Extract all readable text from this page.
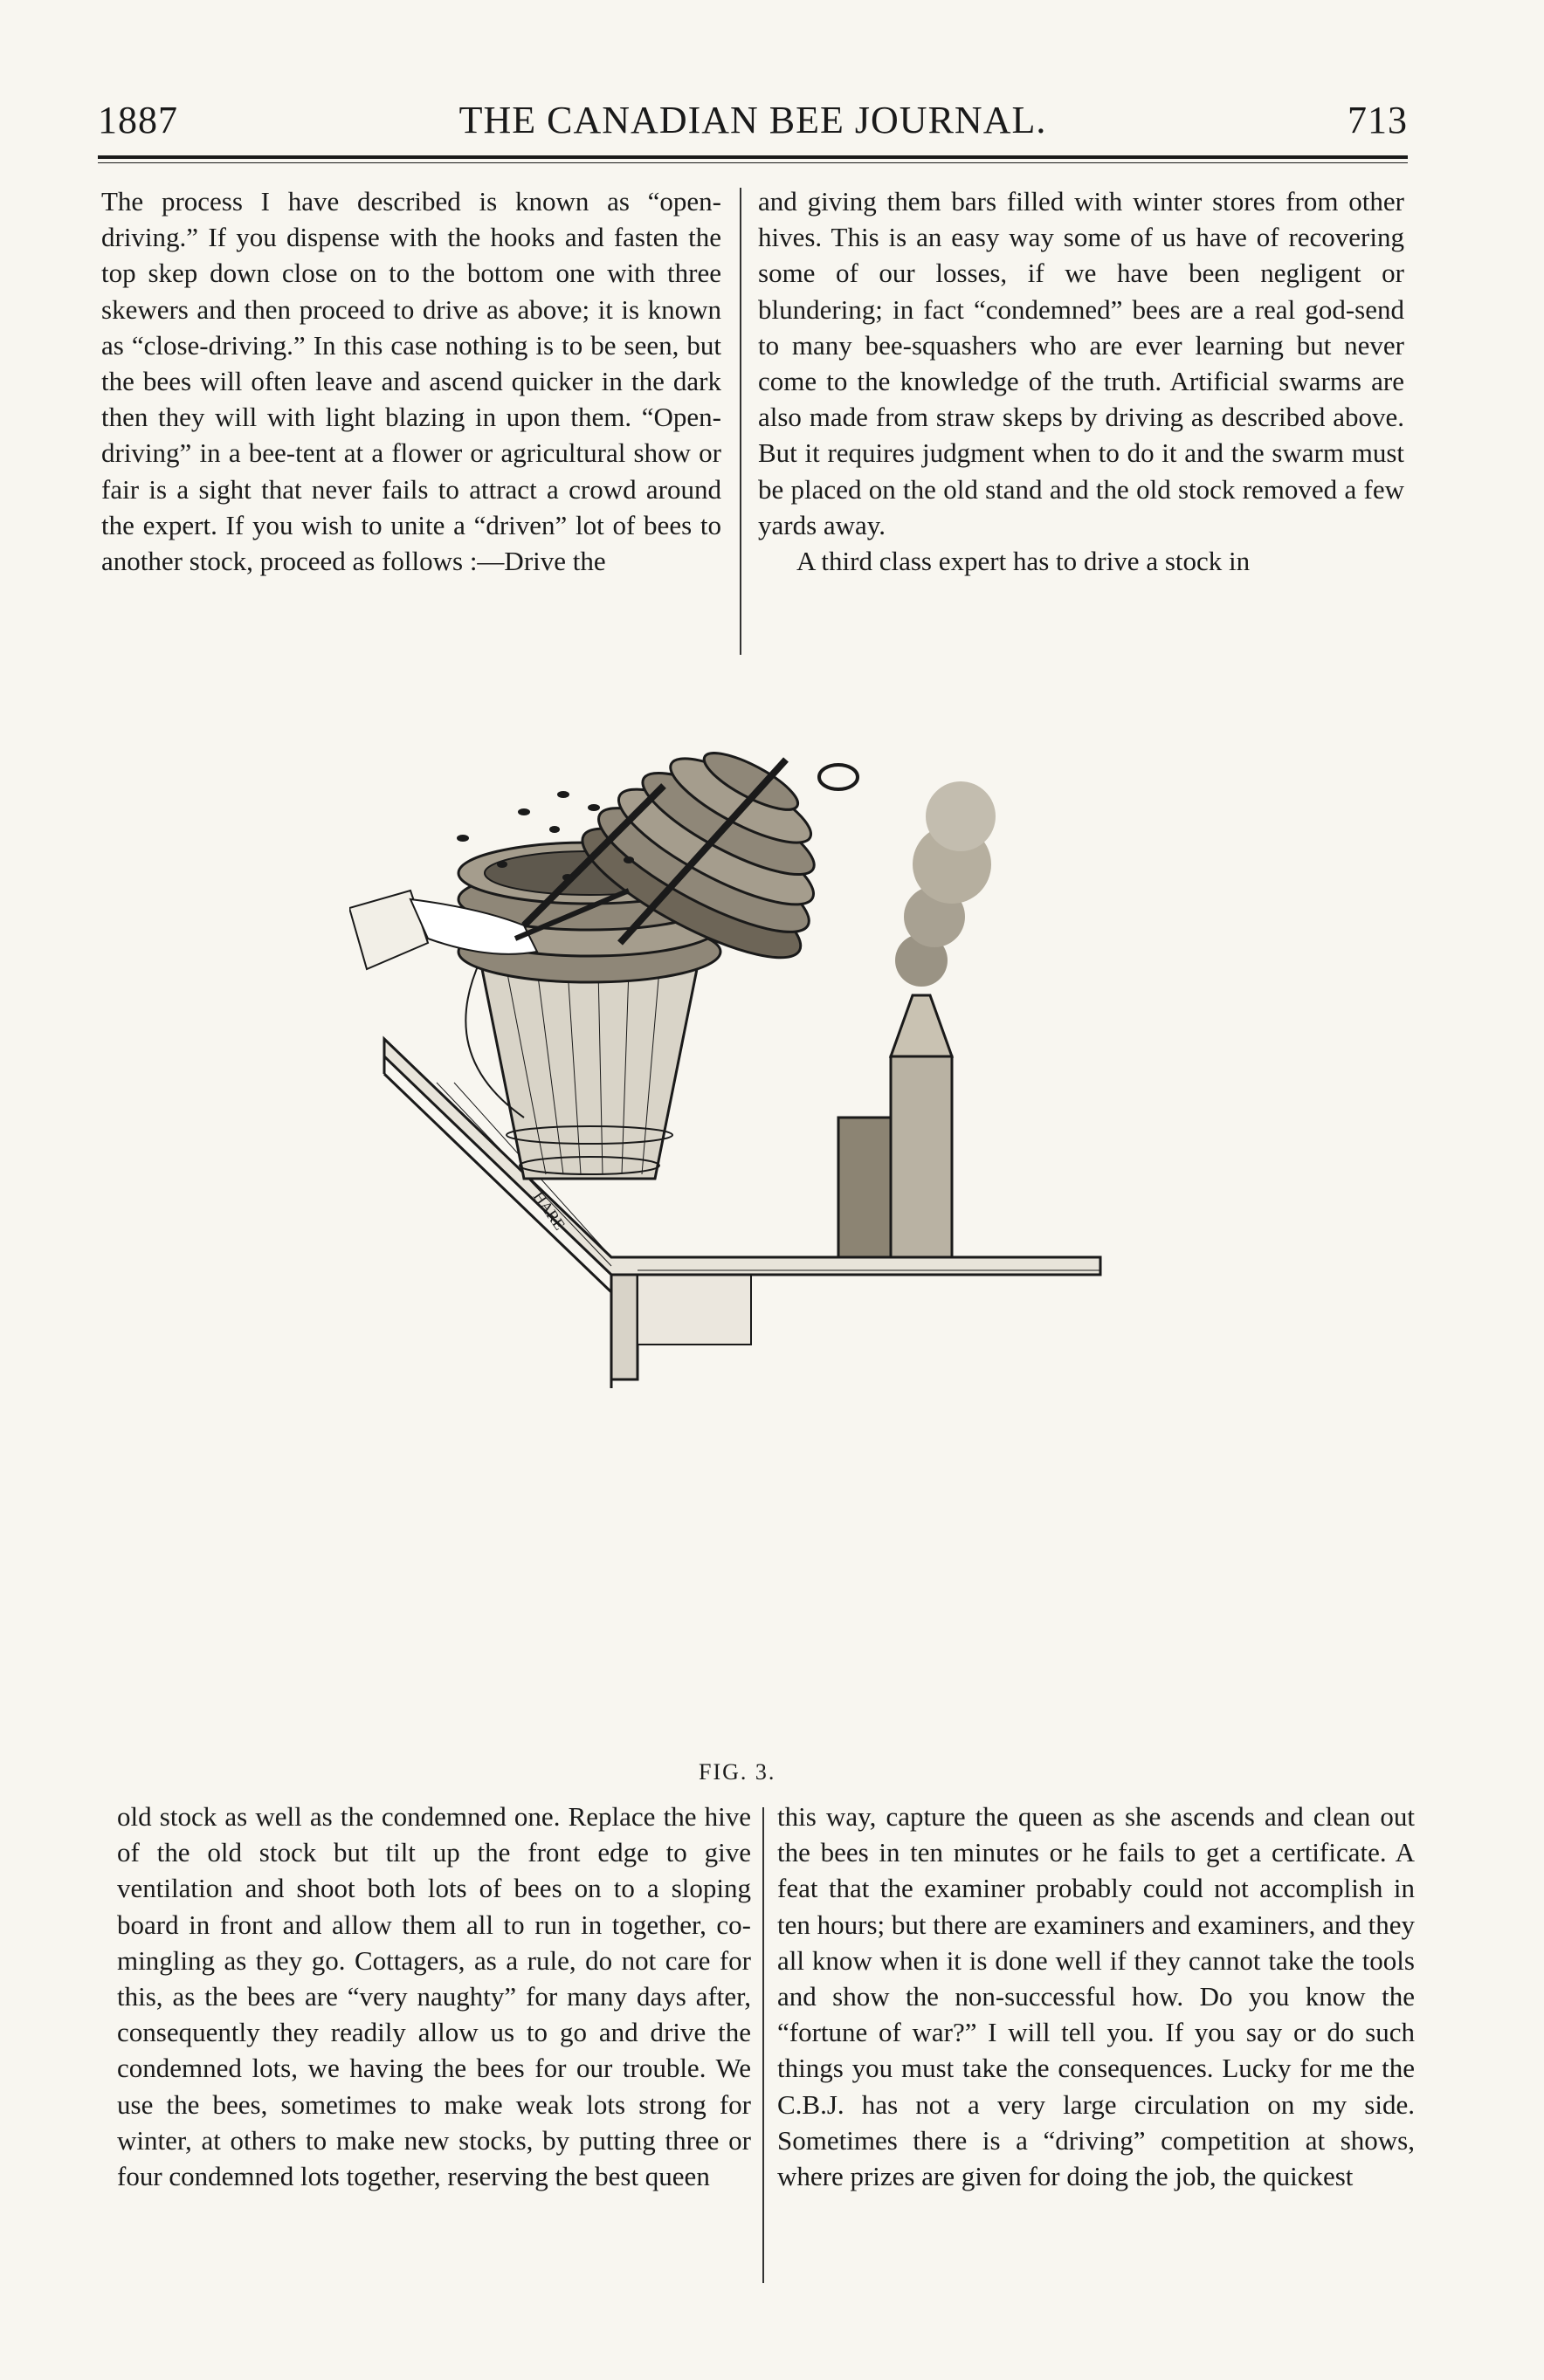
1887	THE CANADIAN BEE JOURNAL.	713

The process I have described is known as “open-driving.” If you dispense with the hooks and fasten the top skep down close on to the bottom one with three skewers and then proceed to drive as above; it is known as “close-driving.” In this case nothing is to be seen, but the bees will often leave and ascend quicker in the dark then they will with light blazing in upon them. “Open-driving” in a bee-tent at a flower or agricultural show or fair is a sight that never fails to attract a crowd around the expert. If you wish to unite a “driven” lot of bees to another stock, proceed as follows :—Drive the

and giving them bars filled with winter stores from other hives. This is an easy way some of us have of recovering some of our losses, if we have been negligent or blundering; in fact “condemned” bees are a real god-send to many bee-squashers who are ever learning but never come to the knowledge of the truth. Artificial swarms are also made from straw skeps by driving as described above. But it requires judgment when to do it and the swarm must be placed on the old stand and the old stock removed a few yards away.

A third class expert has to drive a stock in

HARE
FIG. 3.

old stock as well as the condemned one. Replace the hive of the old stock but tilt up the front edge to give ventilation and shoot both lots of bees on to a sloping board in front and allow them all to run in together, co-mingling as they go. Cottagers, as a rule, do not care for this, as the bees are “very naughty” for many days after, consequently they readily allow us to go and drive the condemned lots, we having the bees for our trouble. We use the bees, sometimes to make weak lots strong for winter, at others to make new stocks, by putting three or four condemned lots together, reserving the best queen

this way, capture the queen as she ascends and clean out the bees in ten minutes or he fails to get a certificate. A feat that the examiner probably could not accomplish in ten hours; but there are examiners and examiners, and they all know when it is done well if they cannot take the tools and show the non-successful how. Do you know the “fortune of war?” I will tell you. If you say or do such things you must take the consequences. Lucky for me the C.B.J. has not a very large circulation on my side. Sometimes there is a “driving” competition at shows, where prizes are given for doing the job, the quickest
